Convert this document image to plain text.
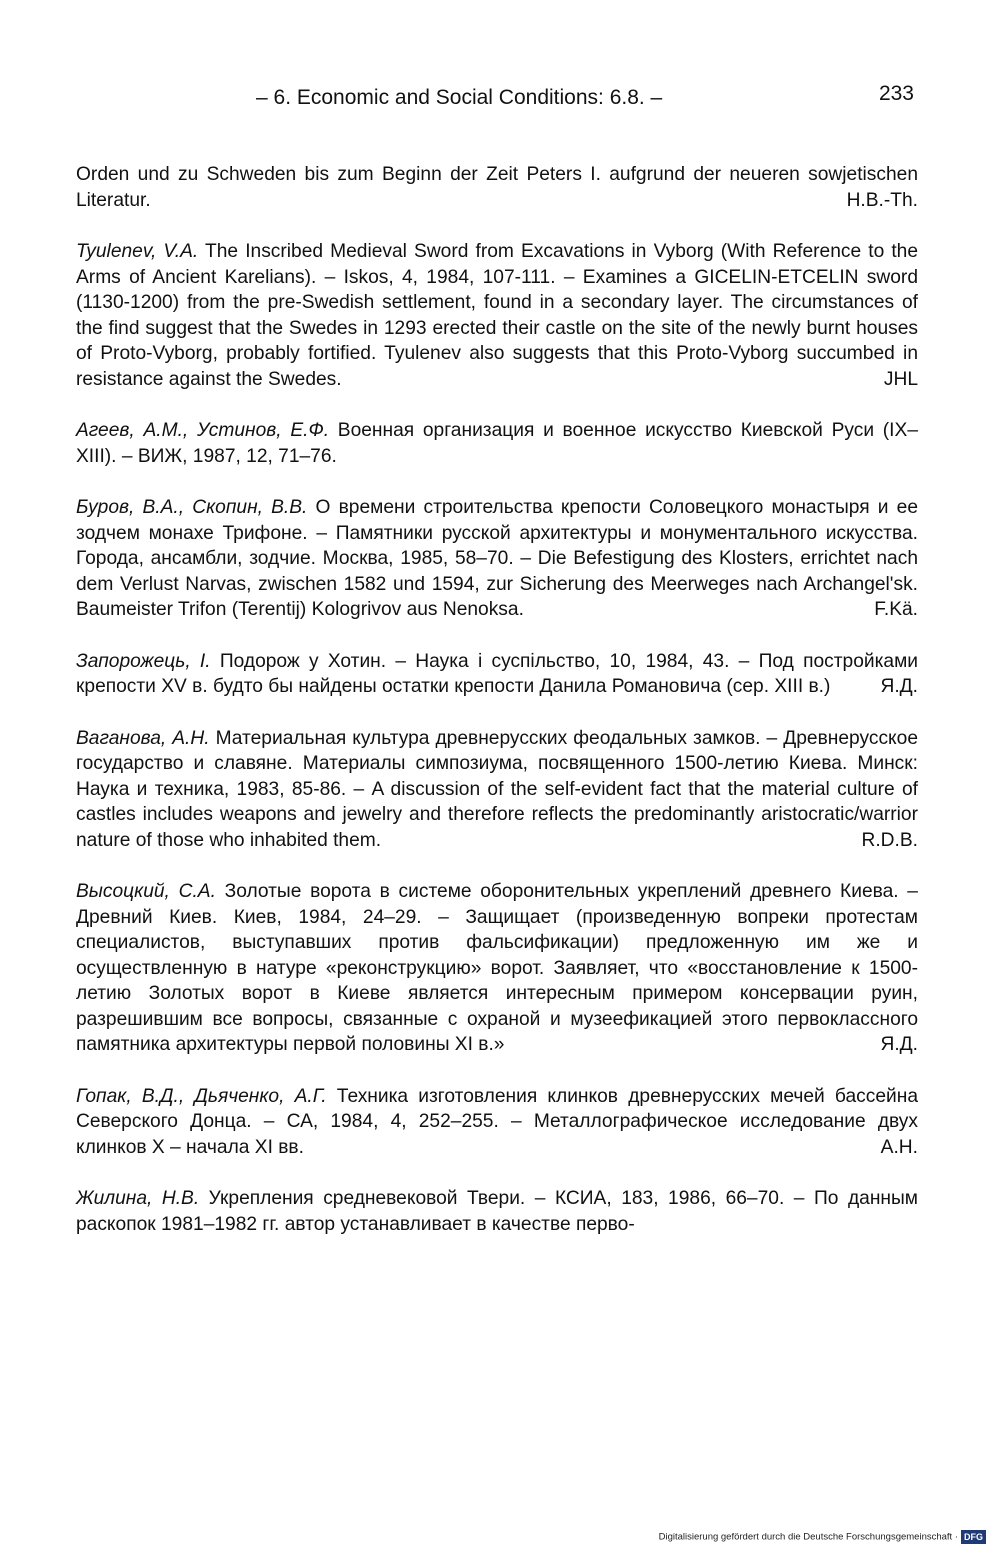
– 6. Economic and Social Conditions: 6.8. –	233

Orden und zu Schweden bis zum Beginn der Zeit Peters I. aufgrund der neueren sowjetischen Literatur.	H.B.-Th.

Tyulenev, V.A. The Inscribed Medieval Sword from Excavations in Vyborg (With Reference to the Arms of Ancient Karelians). – Iskos, 4, 1984, 107-111. – Examines a GICELIN-ETCELIN sword (1130-1200) from the pre-Swedish settlement, found in a secondary layer. The circumstances of the find suggest that the Swedes in 1293 erected their castle on the site of the newly burnt houses of Proto-Vyborg, probably fortified. Tyulenev also suggests that this Proto-Vyborg succumbed in resistance against the Swedes.	JHL

Агеев, А.М., Устинов, Е.Ф. Военная организация и военное искусство Киевской Руси (IX–XIII). – ВИЖ, 1987, 12, 71–76.

Буров, В.А., Скопин, В.В. О времени строительства крепости Соловецкого монастыря и ее зодчем монахе Трифоне. – Памятники русской архитектуры и монументального искусства. Города, ансамбли, зодчие. Москва, 1985, 58–70. – Die Befestigung des Klosters, errichtet nach dem Verlust Narvas, zwischen 1582 und 1594, zur Sicherung des Meerweges nach Archangel'sk. Baumeister Trifon (Terentij) Kologrivov aus Nenoksa.	F.Kä.

Запорожець, І. Подорож у Хотин. – Наука і суспільство, 10, 1984, 43. – Под постройками крепости XV в. будто бы найдены остатки крепости Данила Романовича (сер. XIII в.)	Я.Д.

Ваганова, А.Н. Материальная культура древнерусских феодальных замков. – Древнерусское государство и славяне. Материалы симпозиума, посвященного 1500-летию Киева. Минск: Наука и техника, 1983, 85-86. – A discussion of the self-evident fact that the material culture of castles includes weapons and jewelry and therefore reflects the predominantly aristocratic/warrior nature of those who inhabited them.	R.D.B.

Высоцкий, С.А. Золотые ворота в системе оборонительных укреплений древнего Киева. – Древний Киев. Киев, 1984, 24–29. – Защищает (произведенную вопреки протестам специалистов, выступавших против фальсификации) предложенную им же и осуществленную в натуре «реконструкцию» ворот. Заявляет, что «восстановление к 1500-летию Золотых ворот в Киеве является интересным примером консервации руин, разрешившим все вопросы, связанные с охраной и музеефикацией этого первоклассного памятника архитектуры первой половины XI в.»	Я.Д.

Гопак, В.Д., Дьяченко, А.Г. Техника изготовления клинков древнерусских мечей бассейна Северского Донца. – СА, 1984, 4, 252–255. – Металлографическое исследование двух клинков X – начала XI вв.	А.Н.

Жилина, Н.В. Укрепления средневековой Твери. – КСИА, 183, 1986, 66–70. – По данным раскопок 1981–1982 гг. автор устанавливает в качестве перво-

Digitalisierung gefördert durch die Deutsche Forschungsgemeinschaft · DFG
